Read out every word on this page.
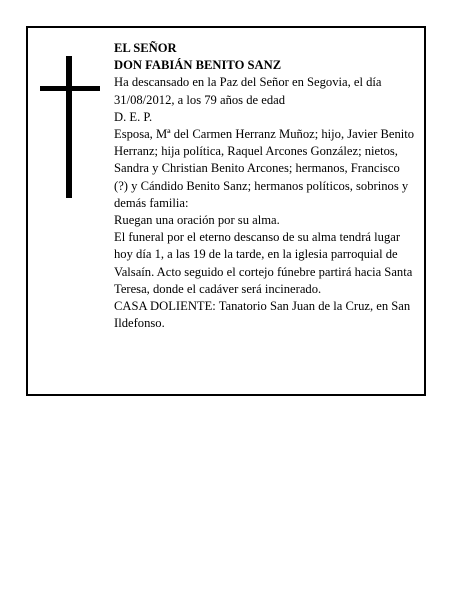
EL SEÑOR

DON FABIÁN BENITO SANZ

Ha descansado en la Paz del Señor en Segovia, el día 31/08/2012, a los 79 años de edad

D. E. P.

Esposa, Mª del Carmen Herranz Muñoz; hijo, Javier Benito Herranz; hija política, Raquel Arcones González; nietos, Sandra y Christian Benito Arcones; hermanos, Francisco (?) y Cándido Benito Sanz; hermanos políticos, sobrinos y demás familia:

Ruegan una oración por su alma.

El funeral por el eterno descanso de su alma tendrá lugar hoy día 1, a las 19 de la tarde, en la iglesia parroquial de Valsaín. Acto seguido el cortejo fúnebre partirá hacia Santa Teresa, donde el cadáver será incinerado.

CASA DOLIENTE: Tanatorio San Juan de la Cruz, en San Ildefonso.
